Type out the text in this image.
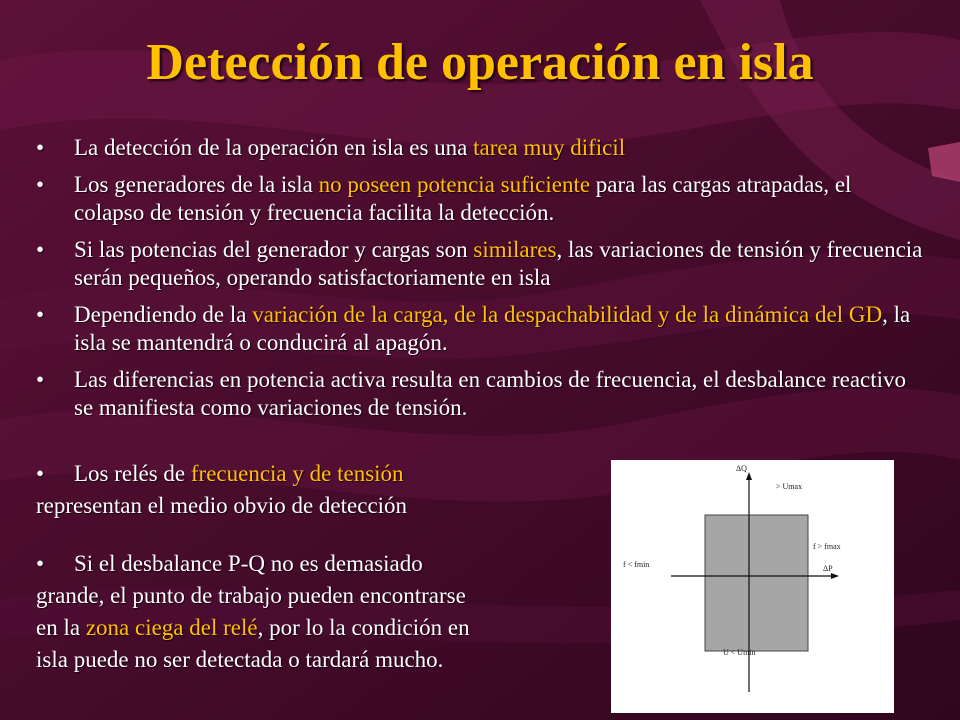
Detección de operación en isla
• La detección de la operación en isla es una tarea muy dificil
• Los generadores de la isla no poseen potencia suficiente para las cargas atrapadas, el colapso de tensión y frecuencia facilita la detección.
• Si las potencias del generador y cargas son similares, las variaciones de tensión y frecuencia serán pequeños, operando satisfactoriamente en isla
• Dependiendo de la variación de la carga, de la despachabilidad y de la dinámica del GD, la isla se mantendrá o conducirá al apagón.
• Las diferencias en potencia activa resulta en cambios de frecuencia, el desbalance reactivo se manifiesta como variaciones de tensión.
• Los relés de frecuencia y de tensión
representan el medio obvio de detección
• Si el desbalance P-Q no es demasiado
grande, el punto de trabajo pueden encontrarse
en la zona ciega del relé, por lo la condición en
isla puede no ser detectada o tardará mucho.
ΔQ
> Umax
f > fmax
f < fmin	ΔP
U < Umin
